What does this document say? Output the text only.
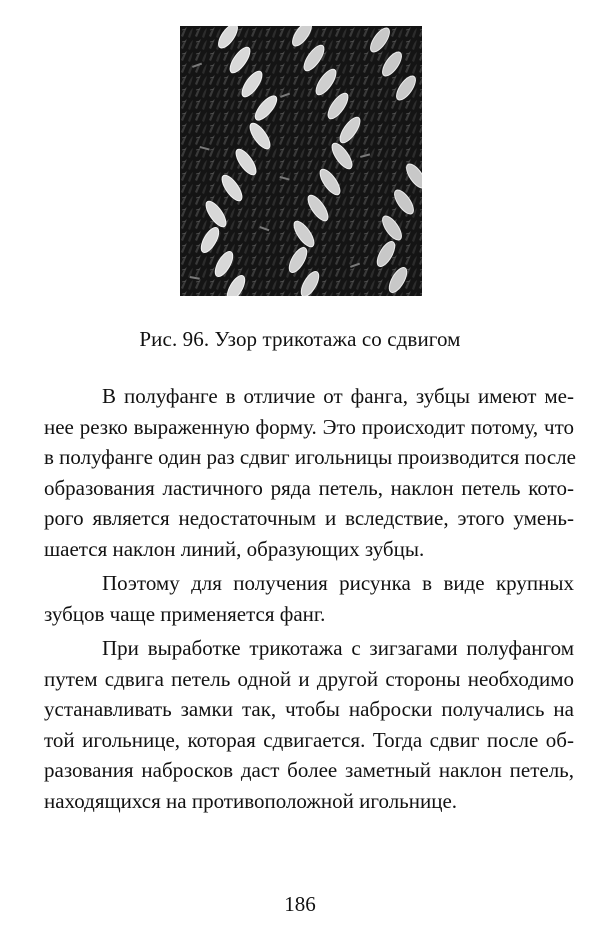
Рис. 96. Узор трикотажа со сдвигом
В полуфанге в отличие от фанга, зубцы имеют ме-
нее резко выраженную форму. Это происходит потому, что
в полуфанге один раз сдвиг игольницы производится после
образования ластичного ряда петель, наклон петель кото-
рого является недостаточным и вследствие, этого умень-
шается наклон линий, образующих зубцы.
Поэтому для получения рисунка в виде крупных
зубцов чаще применяется фанг.
При выработке трикотажа с зигзагами полуфангом
путем сдвига петель одной и другой стороны необходимо
устанавливать замки так, чтобы наброски получались на
той игольнице, которая сдвигается. Тогда сдвиг после об-
разования набросков даст более заметный наклон петель,
находящихся на противоположной игольнице.
186
